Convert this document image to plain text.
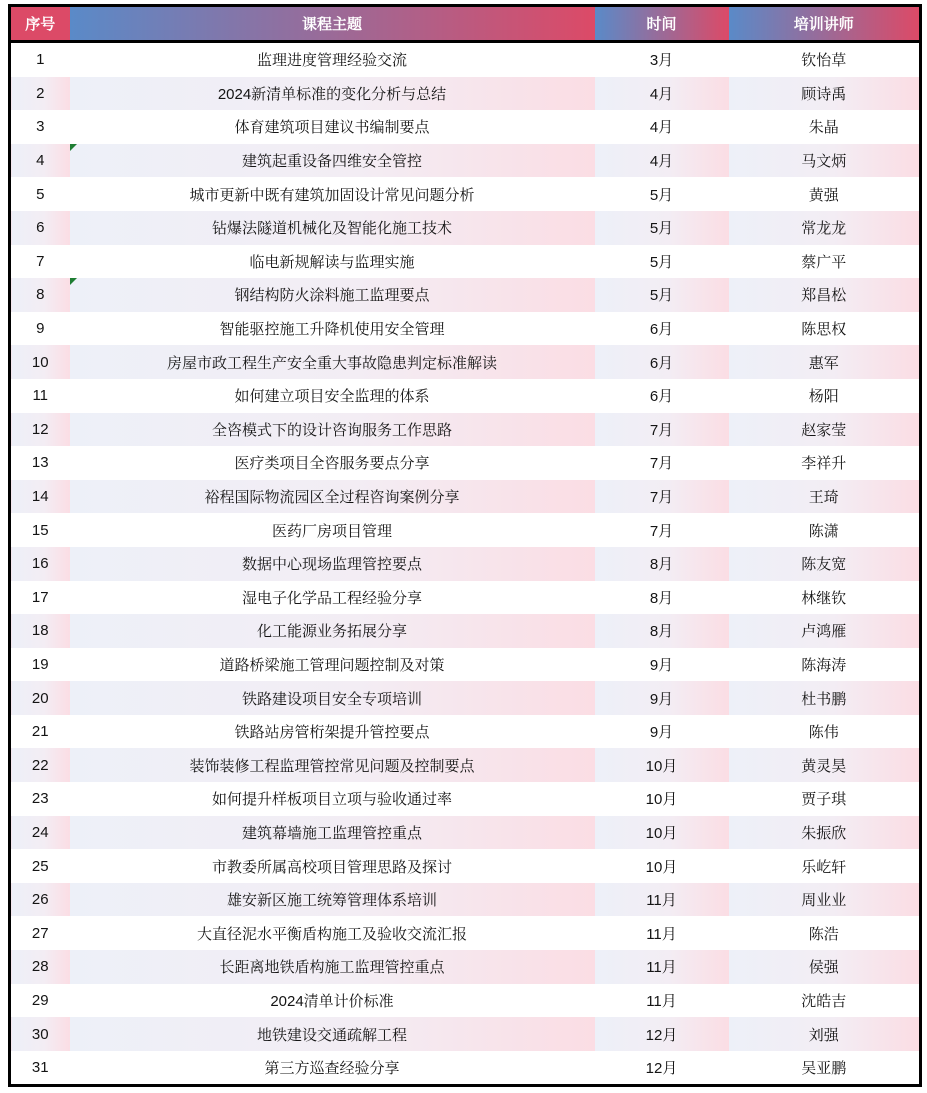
序号	课程主题	时间	培训讲师
1	监理进度管理经验交流	3月	钦怡草
2	2024新清单标准的变化分析与总结	4月	顾诗禹
3	体育建筑项目建议书编制要点	4月	朱晶
4	建筑起重设备四维安全管控	4月	马文炳
5	城市更新中既有建筑加固设计常见问题分析	5月	黄强
6	钻爆法隧道机械化及智能化施工技术	5月	常龙龙
7	临电新规解读与监理实施	5月	蔡广平
8	钢结构防火涂料施工监理要点	5月	郑昌松
9	智能驱控施工升降机使用安全管理	6月	陈思权
10	房屋市政工程生产安全重大事故隐患判定标准解读	6月	惠军
11	如何建立项目安全监理的体系	6月	杨阳
12	全咨模式下的设计咨询服务工作思路	7月	赵家莹
13	医疗类项目全咨服务要点分享	7月	李祥升
14	裕程国际物流园区全过程咨询案例分享	7月	王琦
15	医药厂房项目管理	7月	陈潇
16	数据中心现场监理管控要点	8月	陈友宽
17	湿电子化学品工程经验分享	8月	林继钦
18	化工能源业务拓展分享	8月	卢鸿雁
19	道路桥梁施工管理问题控制及对策	9月	陈海涛
20	铁路建设项目安全专项培训	9月	杜书鹏
21	铁路站房管桁架提升管控要点	9月	陈伟
22	装饰装修工程监理管控常见问题及控制要点	10月	黄灵昊
23	如何提升样板项目立项与验收通过率	10月	贾子琪
24	建筑幕墙施工监理管控重点	10月	朱振欣
25	市教委所属高校项目管理思路及探讨	10月	乐屹轩
26	雄安新区施工统筹管理体系培训	11月	周业业
27	大直径泥水平衡盾构施工及验收交流汇报	11月	陈浩
28	长距离地铁盾构施工监理管控重点	11月	侯强
29	2024清单计价标准	11月	沈皓吉
30	地铁建设交通疏解工程	12月	刘强
31	第三方巡查经验分享	12月	吴亚鹏
